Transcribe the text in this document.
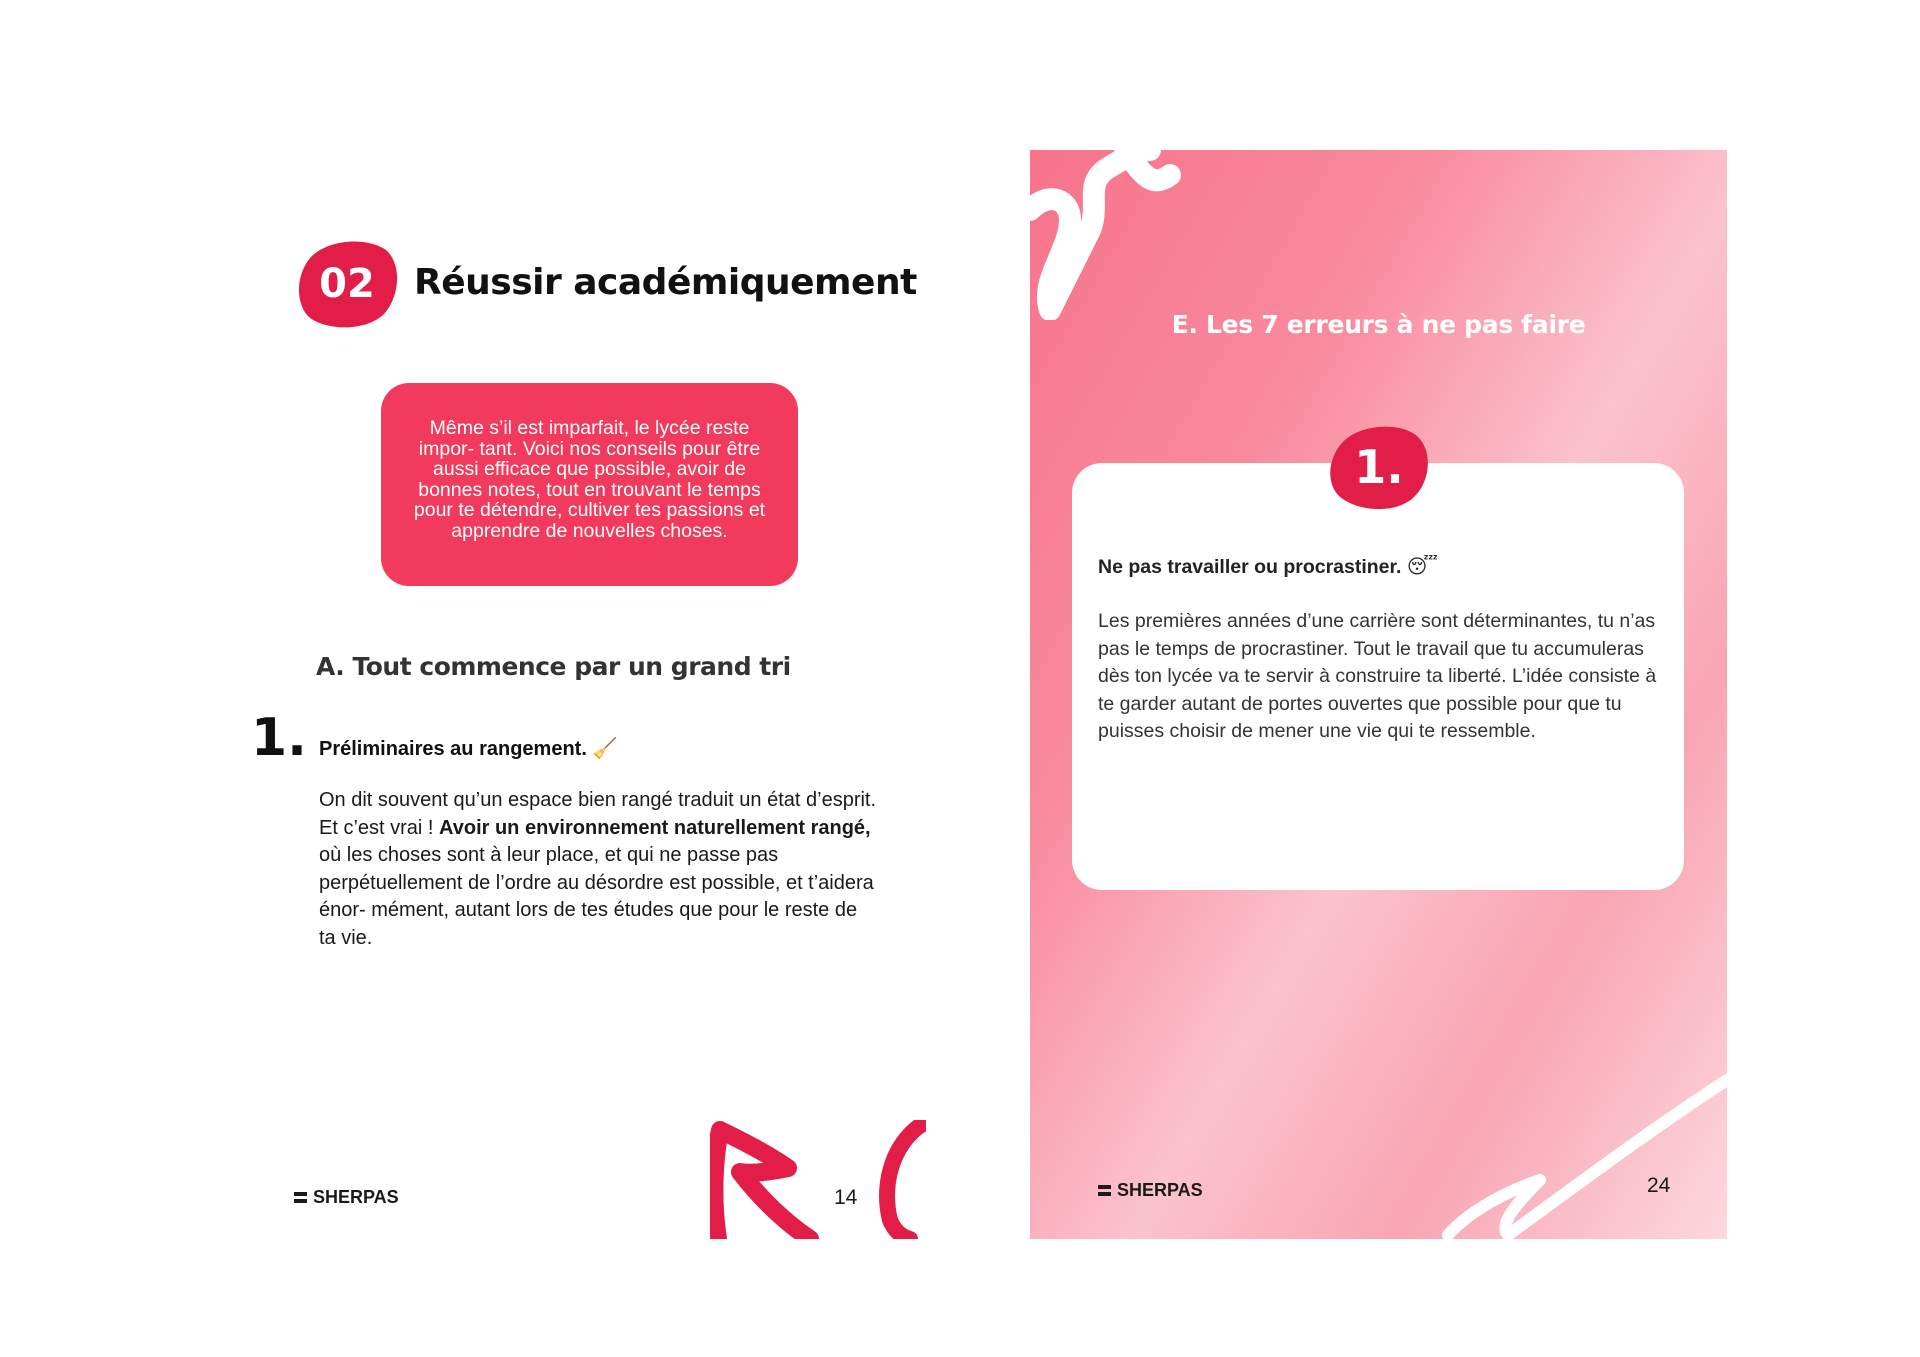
02	Réussir académiquement
Même s’il est imparfait, le lycée reste impor- tant. Voici nos conseils pour être aussi efficace que possible, avoir de bonnes notes, tout en trouvant le temps pour te détendre, cultiver tes passions et apprendre de nouvelles choses.
A. Tout commence par un grand tri
1. Préliminaires au rangement. 🧹
On dit souvent qu’un espace bien rangé traduit un état d’esprit. Et c’est vrai ! Avoir un environnement naturellement rangé, où les choses sont à leur place, et qui ne passe pas perpétuellement de l’ordre au désordre est possible, et t’aidera énor- mément, autant lors de tes études que pour le reste de ta vie.
SHERPAS	14
E. Les 7 erreurs à ne pas faire
1.
Ne pas travailler ou procrastiner. 😴
Les premières années d’une carrière sont déterminantes, tu n’as pas le temps de procrastiner. Tout le travail que tu accumuleras dès ton lycée va te servir à construire ta liberté. L’idée consiste à te garder autant de portes ouvertes que possible pour que tu puisses choisir de mener une vie qui te ressemble.
SHERPAS	24
